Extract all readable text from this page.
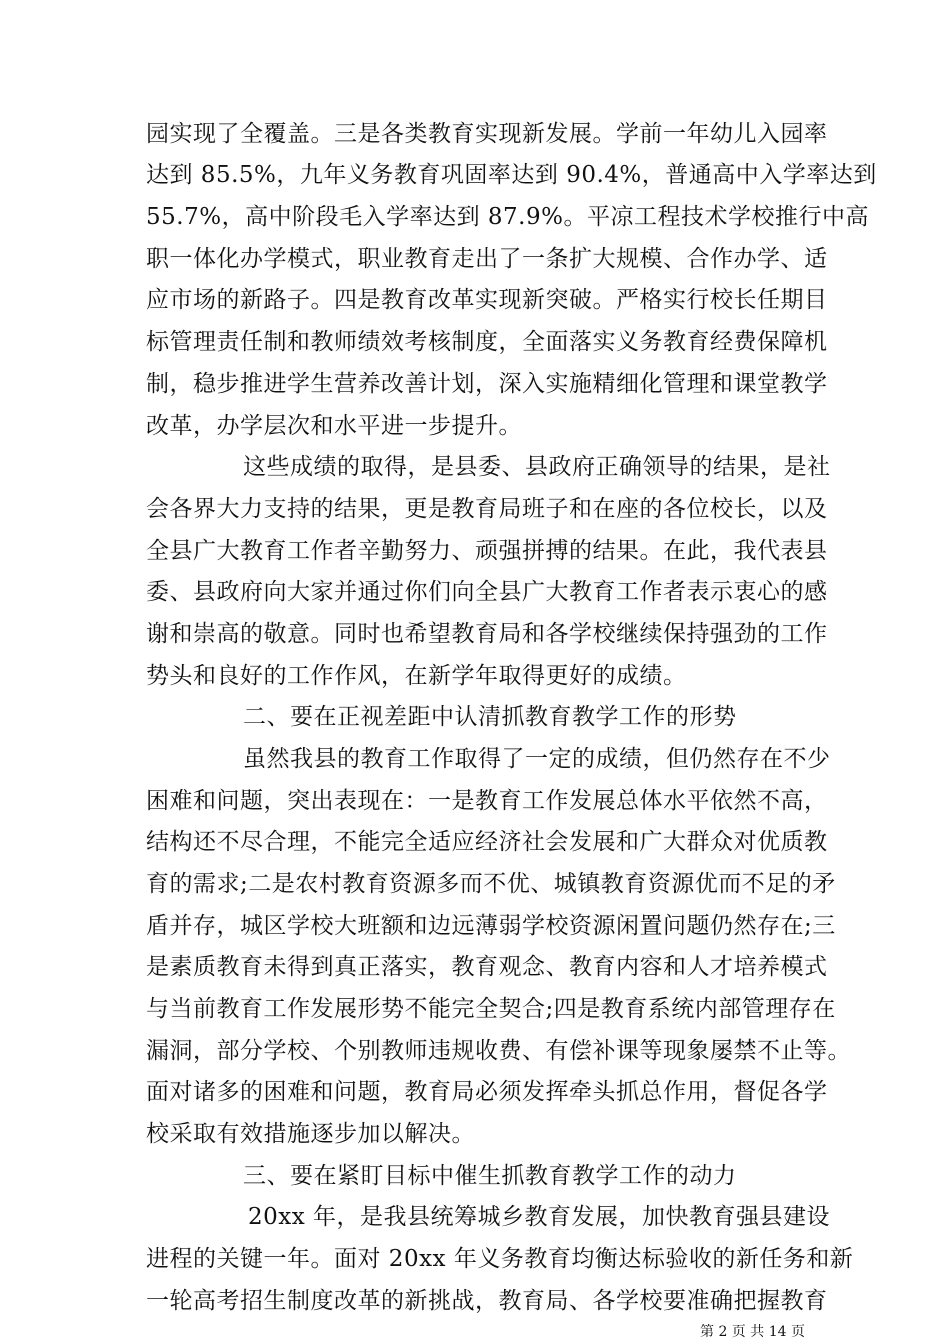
园实现了全覆盖。三是各类教育实现新发展。学前一年幼儿入园率
达到 85.5%，九年义务教育巩固率达到 90.4%，普通高中入学率达到
55.7%，高中阶段毛入学率达到 87.9%。平凉工程技术学校推行中高
职一体化办学模式，职业教育走出了一条扩大规模、合作办学、适
应市场的新路子。四是教育改革实现新突破。严格实行校长任期目
标管理责任制和教师绩效考核制度，全面落实义务教育经费保障机
制，稳步推进学生营养改善计划，深入实施精细化管理和课堂教学
改革，办学层次和水平进一步提升。
这些成绩的取得，是县委、县政府正确领导的结果，是社
会各界大力支持的结果，更是教育局班子和在座的各位校长，以及
全县广大教育工作者辛勤努力、顽强拼搏的结果。在此，我代表县
委、县政府向大家并通过你们向全县广大教育工作者表示衷心的感
谢和崇高的敬意。同时也希望教育局和各学校继续保持强劲的工作
势头和良好的工作作风，在新学年取得更好的成绩。
二、要在正视差距中认清抓教育教学工作的形势
虽然我县的教育工作取得了一定的成绩，但仍然存在不少
困难和问题，突出表现在：一是教育工作发展总体水平依然不高，
结构还不尽合理，不能完全适应经济社会发展和广大群众对优质教
育的需求;二是农村教育资源多而不优、城镇教育资源优而不足的矛
盾并存，城区学校大班额和边远薄弱学校资源闲置问题仍然存在;三
是素质教育未得到真正落实，教育观念、教育内容和人才培养模式
与当前教育工作发展形势不能完全契合;四是教育系统内部管理存在
漏洞，部分学校、个别教师违规收费、有偿补课等现象屡禁不止等。
面对诸多的困难和问题，教育局必须发挥牵头抓总作用，督促各学
校采取有效措施逐步加以解决。
三、要在紧盯目标中催生抓教育教学工作的动力
20xx 年，是我县统筹城乡教育发展，加快教育强县建设
进程的关键一年。面对 20xx 年义务教育均衡达标验收的新任务和新
一轮高考招生制度改革的新挑战，教育局、各学校要准确把握教育
第 2 页 共 14 页
